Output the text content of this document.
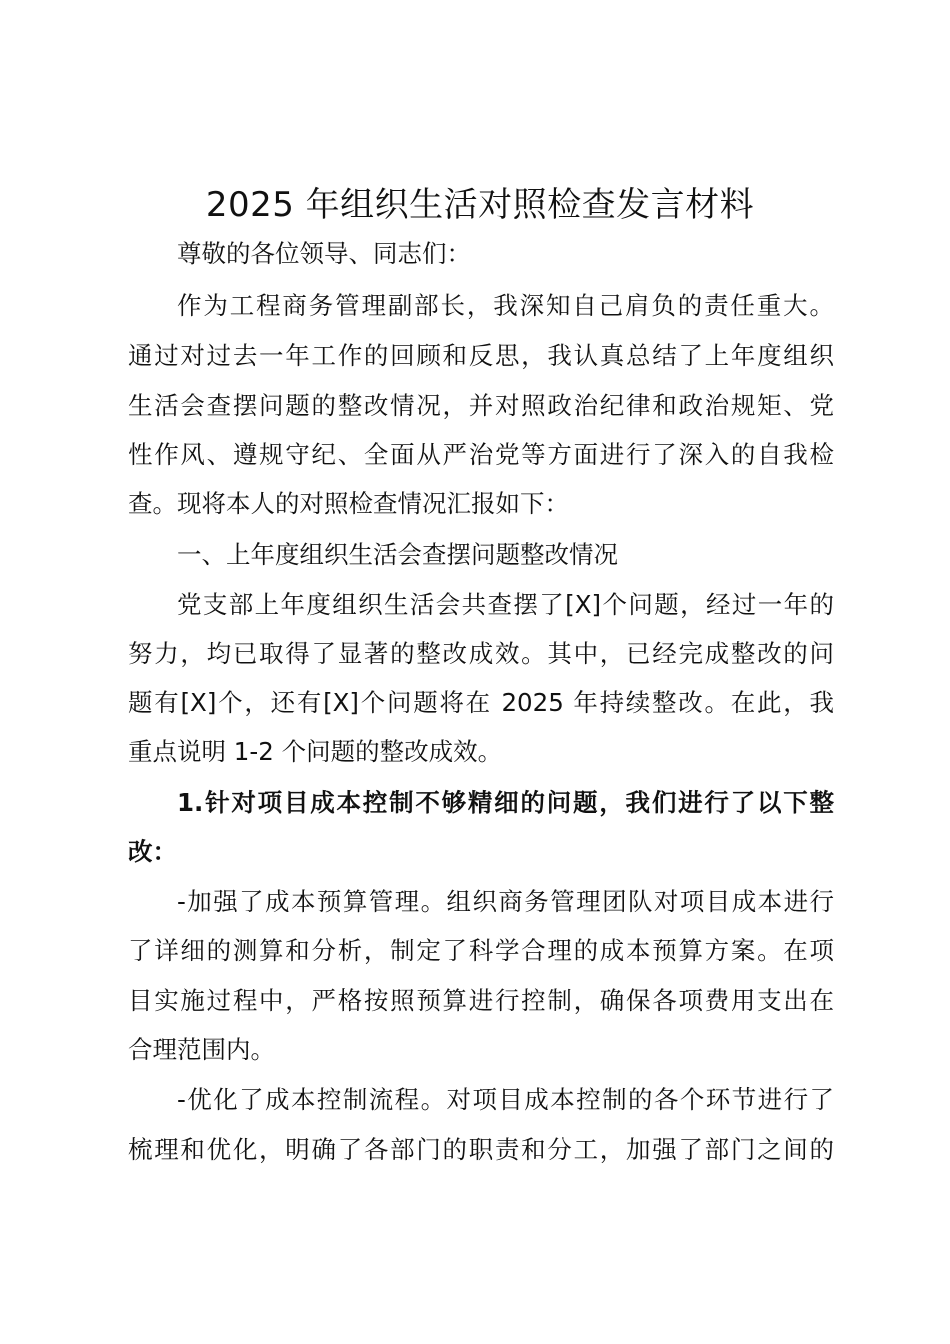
2025 年组织生活对照检查发言材料
尊敬的各位领导、同志们：
作为工程商务管理副部长，我深知自己肩负的责任重大。
通过对过去一年工作的回顾和反思，我认真总结了上年度组织
生活会查摆问题的整改情况，并对照政治纪律和政治规矩、党
性作风、遵规守纪、全面从严治党等方面进行了深入的自我检
查。现将本人的对照检查情况汇报如下：
一、上年度组织生活会查摆问题整改情况
党支部上年度组织生活会共查摆了[X]个问题，经过一年的
努力，均已取得了显著的整改成效。其中，已经完成整改的问
题有[X]个，还有[X]个问题将在 2025 年持续整改。在此，我
重点说明 1-2 个问题的整改成效。
1.针对项目成本控制不够精细的问题，我们进行了以下整
改：
-加强了成本预算管理。组织商务管理团队对项目成本进行
了详细的测算和分析，制定了科学合理的成本预算方案。在项
目实施过程中，严格按照预算进行控制，确保各项费用支出在
合理范围内。
-优化了成本控制流程。对项目成本控制的各个环节进行了
梳理和优化，明确了各部门的职责和分工，加强了部门之间的
